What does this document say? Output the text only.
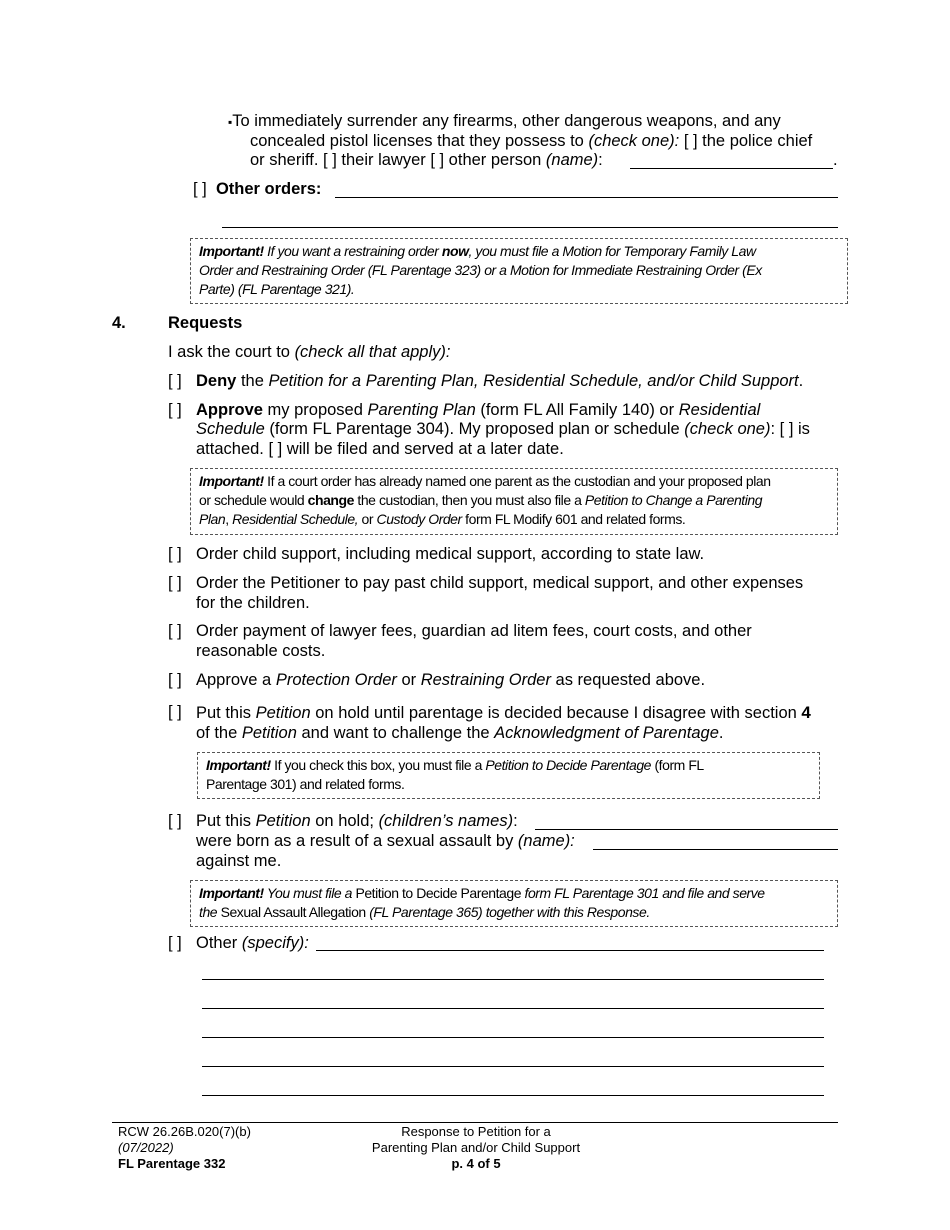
▪To immediately surrender any firearms, other dangerous weapons, and any
concealed pistol licenses that they possess to (check one): [ ] the police chief
or sheriff. [ ] their lawyer [ ] other person (name):	.
[ ] Other orders:
Important! If you want a restraining order now, you must file a Motion for Temporary Family Law
Order and Restraining Order (FL Parentage 323) or a Motion for Immediate Restraining Order (Ex
Parte) (FL Parentage 321).
4.	Requests
I ask the court to (check all that apply):
[ ] Deny the Petition for a Parenting Plan, Residential Schedule, and/or Child Support.
[ ] Approve my proposed Parenting Plan (form FL All Family 140) or Residential
Schedule (form FL Parentage 304). My proposed plan or schedule (check one): [ ] is
attached. [ ] will be filed and served at a later date.
Important! If a court order has already named one parent as the custodian and your proposed plan
or schedule would change the custodian, then you must also file a Petition to Change a Parenting
Plan, Residential Schedule, or Custody Order form FL Modify 601 and related forms.
[ ] Order child support, including medical support, according to state law.
[ ] Order the Petitioner to pay past child support, medical support, and other expenses
for the children.
[ ] Order payment of lawyer fees, guardian ad litem fees, court costs, and other
reasonable costs.
[ ] Approve a Protection Order or Restraining Order as requested above.
[ ] Put this Petition on hold until parentage is decided because I disagree with section 4
of the Petition and want to challenge the Acknowledgment of Parentage.
Important! If you check this box, you must file a Petition to Decide Parentage (form FL
Parentage 301) and related forms.
[ ] Put this Petition on hold; (children’s names):
were born as a result of a sexual assault by (name):
against me.
Important! You must file a Petition to Decide Parentage form FL Parentage 301 and file and serve
the Sexual Assault Allegation (FL Parentage 365) together with this Response.
[ ] Other (specify):
RCW 26.26B.020(7)(b)
(07/2022)
FL Parentage 332
Response to Petition for a
Parenting Plan and/or Child Support
p. 4 of 5
